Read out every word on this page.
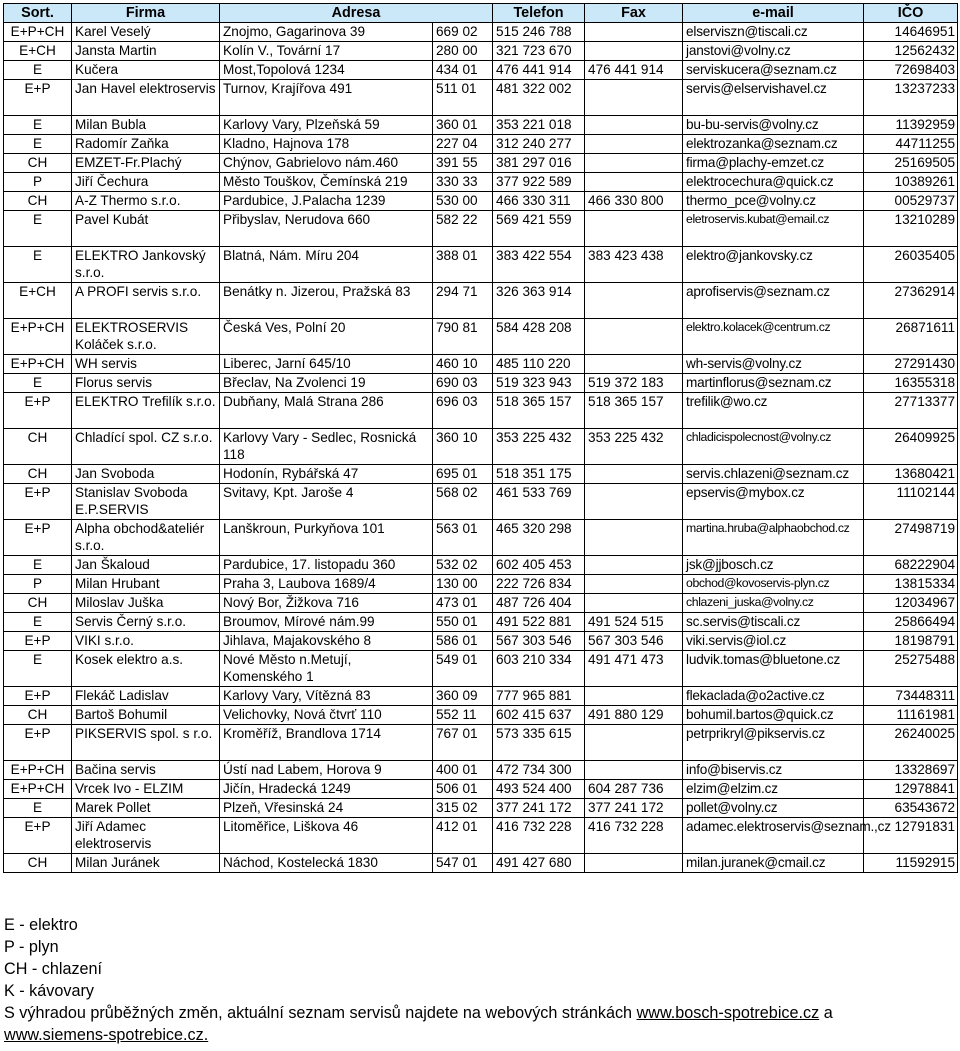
Sort.	Firma	Adresa		Telefon	Fax	e-mail	IČO
E+P+CH	Karel Veselý	Znojmo, Gagarinova 39	669 02	515 246 788		elserviszn@tiscali.cz	14646951
E+CH	Jansta Martin	Kolín V., Tovární 17	280 00	321 723 670		janstovi@volny.cz	12562432
E	Kučera	Most,Topolová 1234	434 01	476 441 914	476 441 914	serviskucera@seznam.cz	72698403
E+P	Jan Havel elektroservis	Turnov, Krajířova 491	511 01	481 322 002		servis@elservishavel.cz	13237233
E	Milan Bubla	Karlovy Vary, Plzeňská 59	360 01	353 221 018		bu-bu-servis@volny.cz	11392959
E	Radomír Zaňka	Kladno, Hajnova 178	227 04	312 240 277		elektrozanka@seznam.cz	44711255
CH	EMZET-Fr.Plachý	Chýnov, Gabrielovo nám.460	391 55	381 297 016		firma@plachy-emzet.cz	25169505
P	Jiří Čechura	Město Touškov, Čemínská 219	330 33	377 922 589		elektrocechura@quick.cz	10389261
CH	A-Z Thermo s.r.o.	Pardubice, J.Palacha 1239	530 00	466 330 311	466 330 800	thermo_pce@volny.cz	00529737
E	Pavel Kubát	Přibyslav, Nerudova 660	582 22	569 421 559		eletroservis.kubat@email.cz	13210289
E	ELEKTRO Jankovský s.r.o.	Blatná, Nám. Míru 204	388 01	383 422 554	383 423 438	elektro@jankovsky.cz	26035405
E+CH	A PROFI servis s.r.o.	Benátky n. Jizerou, Pražská 83	294 71	326 363 914		aprofiservis@seznam.cz	27362914
E+P+CH	ELEKTROSERVIS Koláček s.r.o.	Česká Ves, Polní 20	790 81	584 428 208		elektro.kolacek@centrum.cz	26871611
E+P+CH	WH servis	Liberec, Jarní 645/10	460 10	485 110 220		wh-servis@volny.cz	27291430
E	Florus servis	Břeclav, Na Zvolenci 19	690 03	519 323 943	519 372 183	martinflorus@seznam.cz	16355318
E+P	ELEKTRO Trefilík s.r.o.	Dubňany, Malá Strana 286	696 03	518 365 157	518 365 157	trefilik@wo.cz	27713377
CH	Chladící spol. CZ s.r.o.	Karlovy Vary - Sedlec, Rosnická 118	360 10	353 225 432	353 225 432	chladicispolecnost@volny.cz	26409925
CH	Jan Svoboda	Hodonín, Rybářská 47	695 01	518 351 175		servis.chlazeni@seznam.cz	13680421
E+P	Stanislav Svoboda E.P.SERVIS	Svitavy, Kpt. Jaroše 4	568 02	461 533 769		epservis@mybox.cz	11102144
E+P	Alpha obchod&ateliér s.r.o.	Lanškroun, Purkyňova 101	563 01	465 320 298		martina.hruba@alphaobchod.cz	27498719
E	Jan Škaloud	Pardubice, 17. listopadu 360	532 02	602 405 453		jsk@jjbosch.cz	68222904
P	Milan Hrubant	Praha 3, Laubova 1689/4	130 00	222 726 834		obchod@kovoservis-plyn.cz	13815334
CH	Miloslav Juška	Nový Bor, Žižkova 716	473 01	487 726 404		chlazeni_juska@volny.cz	12034967
E	Servis Černý s.r.o.	Broumov, Mírové nám.99	550 01	491 522 881	491 524 515	sc.servis@tiscali.cz	25866494
E+P	VIKI s.r.o.	Jihlava, Majakovského 8	586 01	567 303 546	567 303 546	viki.servis@iol.cz	18198791
E	Kosek elektro a.s.	Nové Město n.Metují, Komenského 1	549 01	603 210 334	491 471 473	ludvik.tomas@bluetone.cz	25275488
E+P	Flekáč Ladislav	Karlovy Vary, Vítězná 83	360 09	777 965 881		flekaclada@o2active.cz	73448311
CH	Bartoš Bohumil	Velichovky, Nová čtvrť 110	552 11	602 415 637	491 880 129	bohumil.bartos@quick.cz	11161981
E+P	PIKSERVIS spol. s r.o.	Kroměříž, Brandlova 1714	767 01	573 335 615		petrprikryl@pikservis.cz	26240025
E+P+CH	Bačina servis	Ústí nad Labem, Horova 9	400 01	472 734 300		info@biservis.cz	13328697
E+P+CH	Vrcek Ivo - ELZIM	Jičín, Hradecká 1249	506 01	493 524 400	604 287 736	elzim@elzim.cz	12978841
E	Marek Pollet	Plzeň, Vřesinská 24	315 02	377 241 172	377 241 172	pollet@volny.cz	63543672
E+P	Jiří Adamec elektroservis	Litoměřice, Liškova 46	412 01	416 732 228	416 732 228	adamec.elektroservis@seznam.,cz	12791831
CH	Milan Juránek	Náchod, Kostelecká 1830	547 01	491 427 680		milan.juranek@cmail.cz	11592915
E - elektro
P - plyn
CH - chlazení
K - kávovary
S výhradou průběžných změn, aktuální seznam servisů najdete na webových stránkách www.bosch-spotrebice.cz a
www.siemens-spotrebice.cz.
